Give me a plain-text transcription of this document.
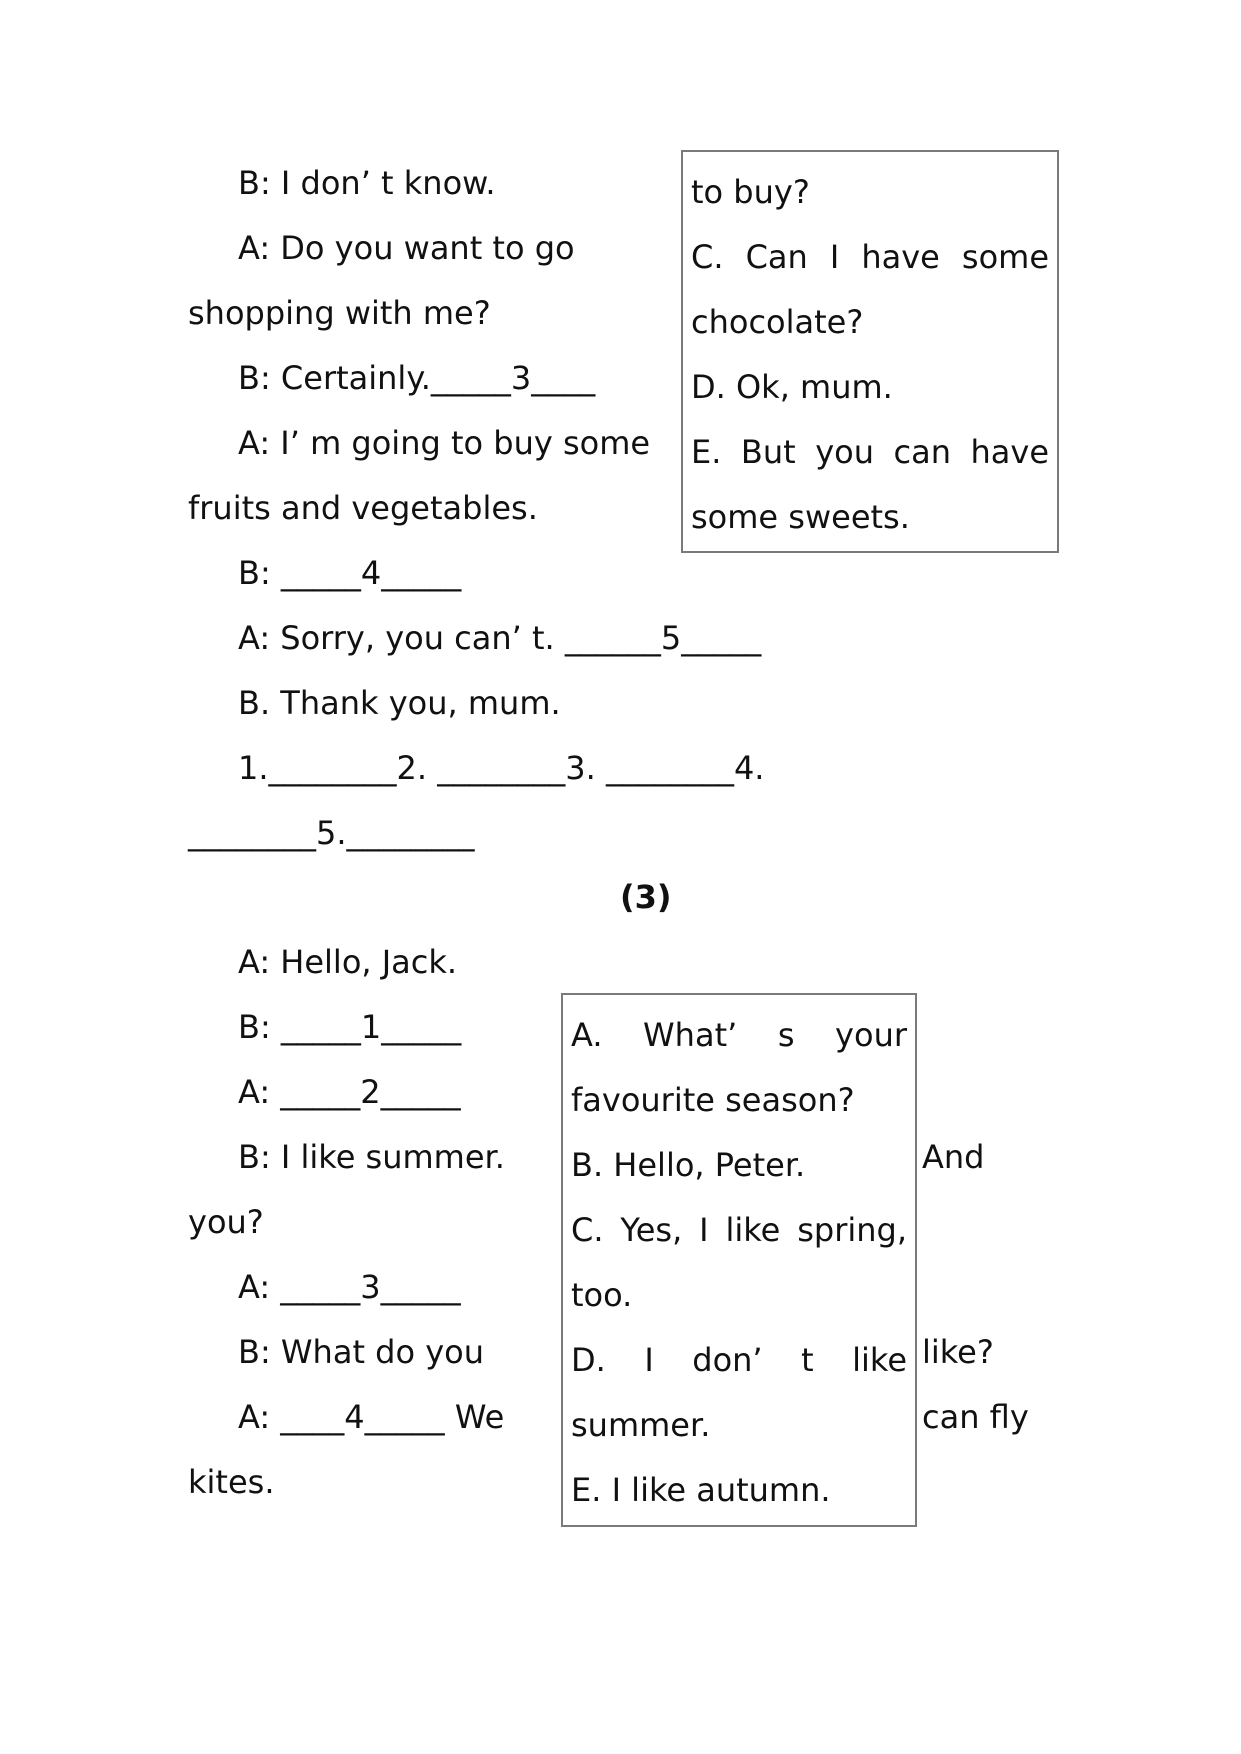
B: I don’ t know.
A: Do you want to go
shopping with me?
B: Certainly._____3____
A: I’ m going to buy some
fruits and vegetables.
B: _____4_____
A: Sorry, you can’ t. ______5_____
B. Thank you, mum.
1.________2. ________3. ________4.
________5.________
to buy?
C. Can I have some
chocolate?
D. Ok, mum.
E. But you can have
some sweets.
(3)
A: Hello, Jack.
B: _____1_____
A: _____2_____
B: I like summer.
you?
A: _____3_____
B: What do you
A: ____4_____ We
kites.
And
like?
can fly
A. What’ s your
favourite season?
B. Hello, Peter.
C. Yes, I like spring,
too.
D. I don’ t like
summer.
E. I like autumn.
